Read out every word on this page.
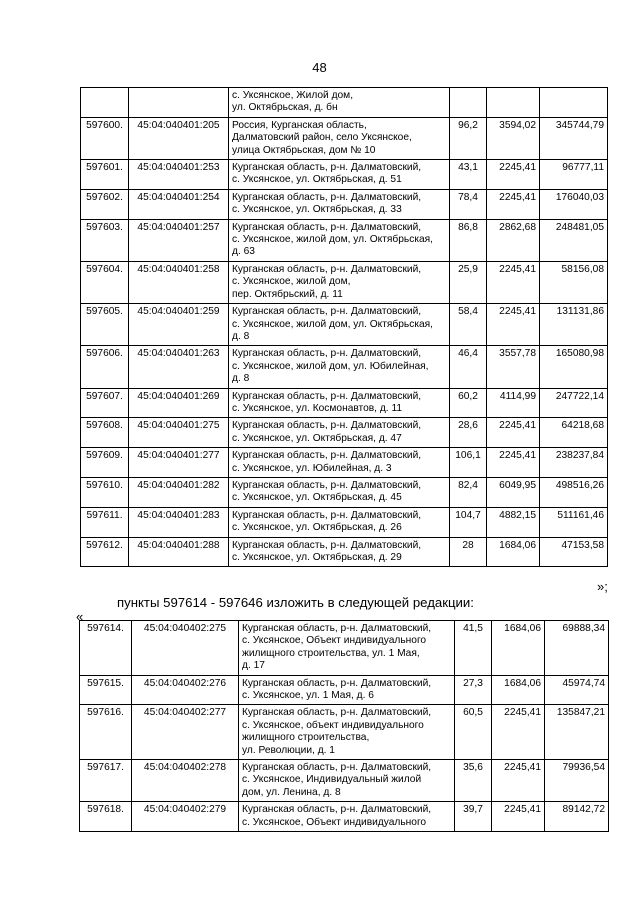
48
		с. Уксянское, Жилой дом,
ул. Октябрьская, д. бн			
597600.	45:04:040401:205	Россия, Курганская область,
Далматовский район, село Уксянское,
улица Октябрьская, дом № 10	96,2	3594,02	345744,79
597601.	45:04:040401:253	Курганская область, р-н. Далматовский,
с. Уксянское, ул. Октябрьская, д. 51	43,1	2245,41	96777,11
597602.	45:04:040401:254	Курганская область, р-н. Далматовский,
с. Уксянское, ул. Октябрьская, д. 33	78,4	2245,41	176040,03
597603.	45:04:040401:257	Курганская область, р-н. Далматовский,
с. Уксянское, жилой дом, ул. Октябрьская,
д. 63	86,8	2862,68	248481,05
597604.	45:04:040401:258	Курганская область, р-н. Далматовский,
с. Уксянское, жилой дом,
пер. Октябрьский, д. 11	25,9	2245,41	58156,08
597605.	45:04:040401:259	Курганская область, р-н. Далматовский,
с. Уксянское, жилой дом, ул. Октябрьская,
д. 8	58,4	2245,41	131131,86
597606.	45:04:040401:263	Курганская область, р-н. Далматовский,
с. Уксянское, жилой дом, ул. Юбилейная,
д. 8	46,4	3557,78	165080,98
597607.	45:04:040401:269	Курганская область, р-н. Далматовский,
с. Уксянское, ул. Космонавтов, д. 11	60,2	4114,99	247722,14
597608.	45:04:040401:275	Курганская область, р-н. Далматовский,
с. Уксянское, ул. Октябрьская, д. 47	28,6	2245,41	64218,68
597609.	45:04:040401:277	Курганская область, р-н. Далматовский,
с. Уксянское, ул. Юбилейная, д. 3	106,1	2245,41	238237,84
597610.	45:04:040401:282	Курганская область, р-н. Далматовский,
с. Уксянское, ул. Октябрьская, д. 45	82,4	6049,95	498516,26
597611.	45:04:040401:283	Курганская область, р-н. Далматовский,
с. Уксянское, ул. Октябрьская, д. 26	104,7	4882,15	511161,46
597612.	45:04:040401:288	Курганская область, р-н. Далматовский,
с. Уксянское, ул. Октябрьская, д. 29	28	1684,06	47153,58
»;
пункты 597614 - 597646 изложить в следующей редакции:
«
597614.	45:04:040402:275	Курганская область, р-н. Далматовский,
с. Уксянское, Объект индивидуального
жилищного строительства, ул. 1 Мая,
д. 17	41,5	1684,06	69888,34
597615.	45:04:040402:276	Курганская область, р-н. Далматовский,
с. Уксянское, ул. 1 Мая, д. 6	27,3	1684,06	45974,74
597616.	45:04:040402:277	Курганская область, р-н. Далматовский,
с. Уксянское, объект индивидуального
жилищного строительства,
ул. Революции, д. 1	60,5	2245,41	135847,21
597617.	45:04:040402:278	Курганская область, р-н. Далматовский,
с. Уксянское, Индивидуальный жилой
дом, ул. Ленина, д. 8	35,6	2245,41	79936,54
597618.	45:04:040402:279	Курганская область, р-н. Далматовский,
с. Уксянское, Объект индивидуального	39,7	2245,41	89142,72
